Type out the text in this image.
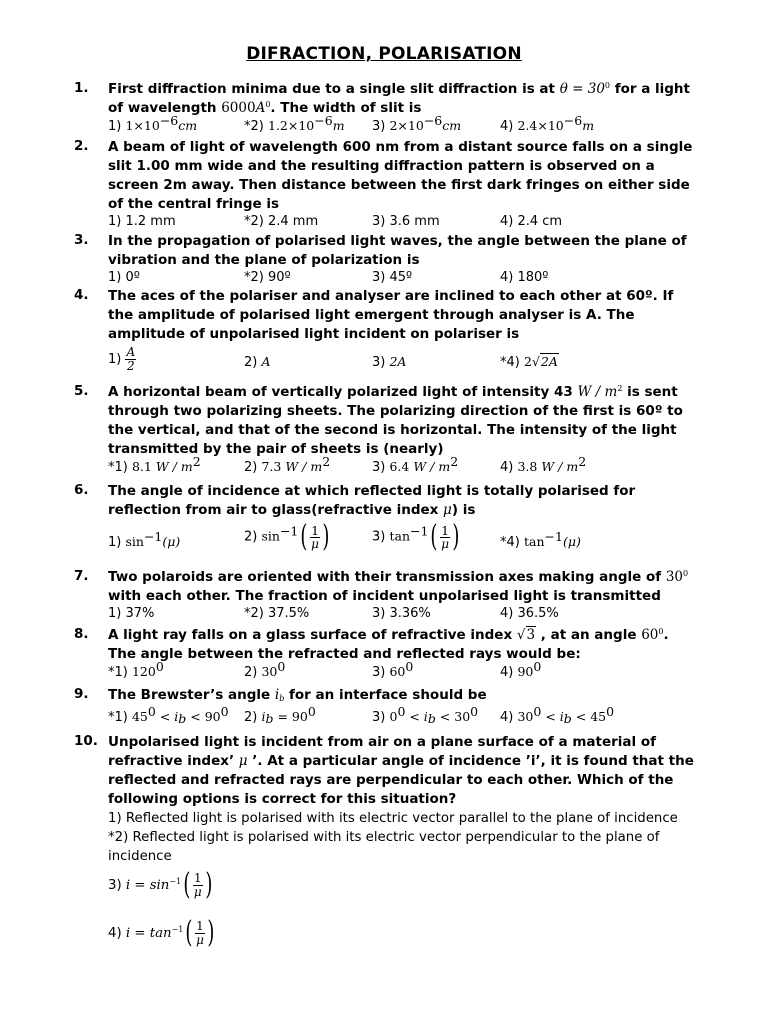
DIFRACTION, POLARISATION
1. First diffraction minima due to a single slit diffraction is at $\theta = 30^0$ for a light of wavelength $6000A^0$. The width of slit is
1) $1\times 10^{-6}cm$	*2) $1.2\times 10^{-6}m$ 3) $2\times 10^{-6}cm$	4) $2.4\times 10^{-6}m$
2. A beam of light of wavelength 600 nm from a distant source falls on a single slit 1.00 mm wide and the resulting diffraction pattern is observed on a screen 2m away. Then distance between the first dark fringes on either side of the central fringe is
1) 1.2 mm	*2) 2.4 mm	3) 3.6 mm	4) 2.4 cm
3. In the propagation of polarised light waves, the angle between the plane of vibration and the plane of polarization is
1) 0º	*2) 90º	3) 45º	4) 180º
4. The aces of the polariser and analyser are inclined to each other at 60º. If the amplitude of polarised light emergent through analyser is A. The amplitude of unpolarised light incident on polariser is
$1) \frac{A}{2}$	2) A	3) 2A	*4) 2√2A
5. A horizontal beam of vertically polarized light of intensity 43 W / $m^2$ is sent through two polarizing sheets. The polarizing direction of the first is 60º to the vertical, and that of the second is horizontal. The intensity of the light transmitted by the pair of sheets is (nearly)
*1) 8.1 W / $m^2$	2) 7.3 W / $m^2$	3) 6.4 W / $m^2$	4) 3.8 W / $m^2$
6. The angle of incidence at which reflected light is totally polarised for reflection from air to glass(refractive index μ) is
1) $\sin^{-1}(\mu)$	2) $\sin^{-1}( \frac{1}{\mu}$ )	3) $\tan^{-1}( \frac{1}{\mu}$ )	*4) $\tan^{-1}(\mu)$
7. Two polaroids are oriented with their transmission axes making angle of $30^0$ with each other. The fraction of incident unpolarised light is transmitted
1) 37%	*2) 37.5%	3) 3.36%	4) 36.5%
8. A light ray falls on a glass surface of refractive index √3 , at an angle $60^0$. The angle between the refracted and reflected rays would be:
*1) $120^0$	2) $30^0$	3) $60^0$	4) $90^0$
9. The Brewster’s angle $i_b$ for an interface should be
*1) $45^0 < i_b < 90^0$ 2) $i_b = 90^0$	3) $0^0 < i_b < 30^0$ 4) $30^0 < i_b < 45^0$
10. Unpolarised light is incident from air on a plane surface of a material of refractive index’ μ ’. At a particular angle of incidence ’i’, it is found that the reflected and refracted rays are perpendicular to each other. Which of the following options is correct for this situation?
1) Reflected light is polarised with its electric vector parallel to the plane of incidence
*2) Reflected light is polarised with its electric vector perpendicular to the plane of incidence
3) $i = \sin^{-1}( \frac{1}{\mu}$ )
4) $i = \tan^{-1}( \frac{1}{\mu}$ )
